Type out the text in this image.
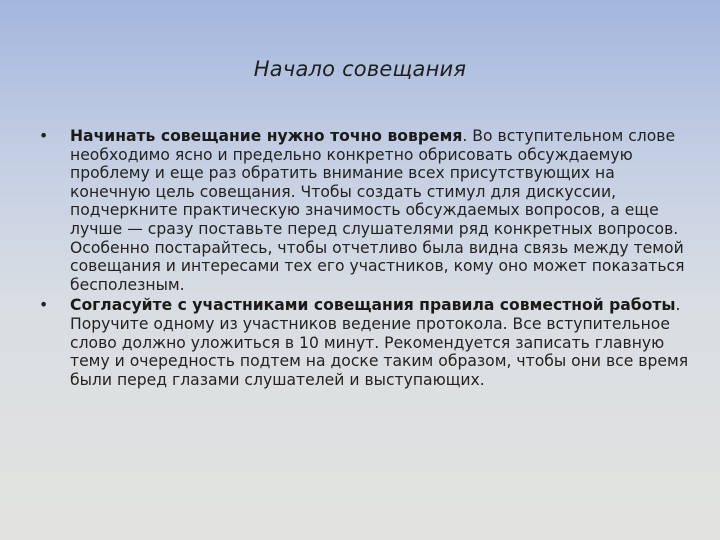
Начало совещания
• Начинать совещание нужно точно вовремя. Во вступительном слове необходимо ясно и предельно конкретно обрисовать обсуждаемую проблему и еще раз обратить внимание всех присутствующих на конечную цель совещания. Чтобы создать стимул для дискуссии, подчеркните практическую значимость обсуждаемых вопросов, а еще лучше — сразу поставьте перед слушателями ряд конкретных вопросов. Особенно постарайтесь, чтобы отчетливо была видна связь между темой совещания и интересами тех его участников, кому оно может показаться бесполезным.
• Согласуйте с участниками совещания правила совместной работы. Поручите одному из участников ведение протокола. Все вступительное слово должно уложиться в 10 минут. Рекомендуется записать главную тему и очередность подтем на доске таким образом, чтобы они все время были перед глазами слушателей и выступающих.
